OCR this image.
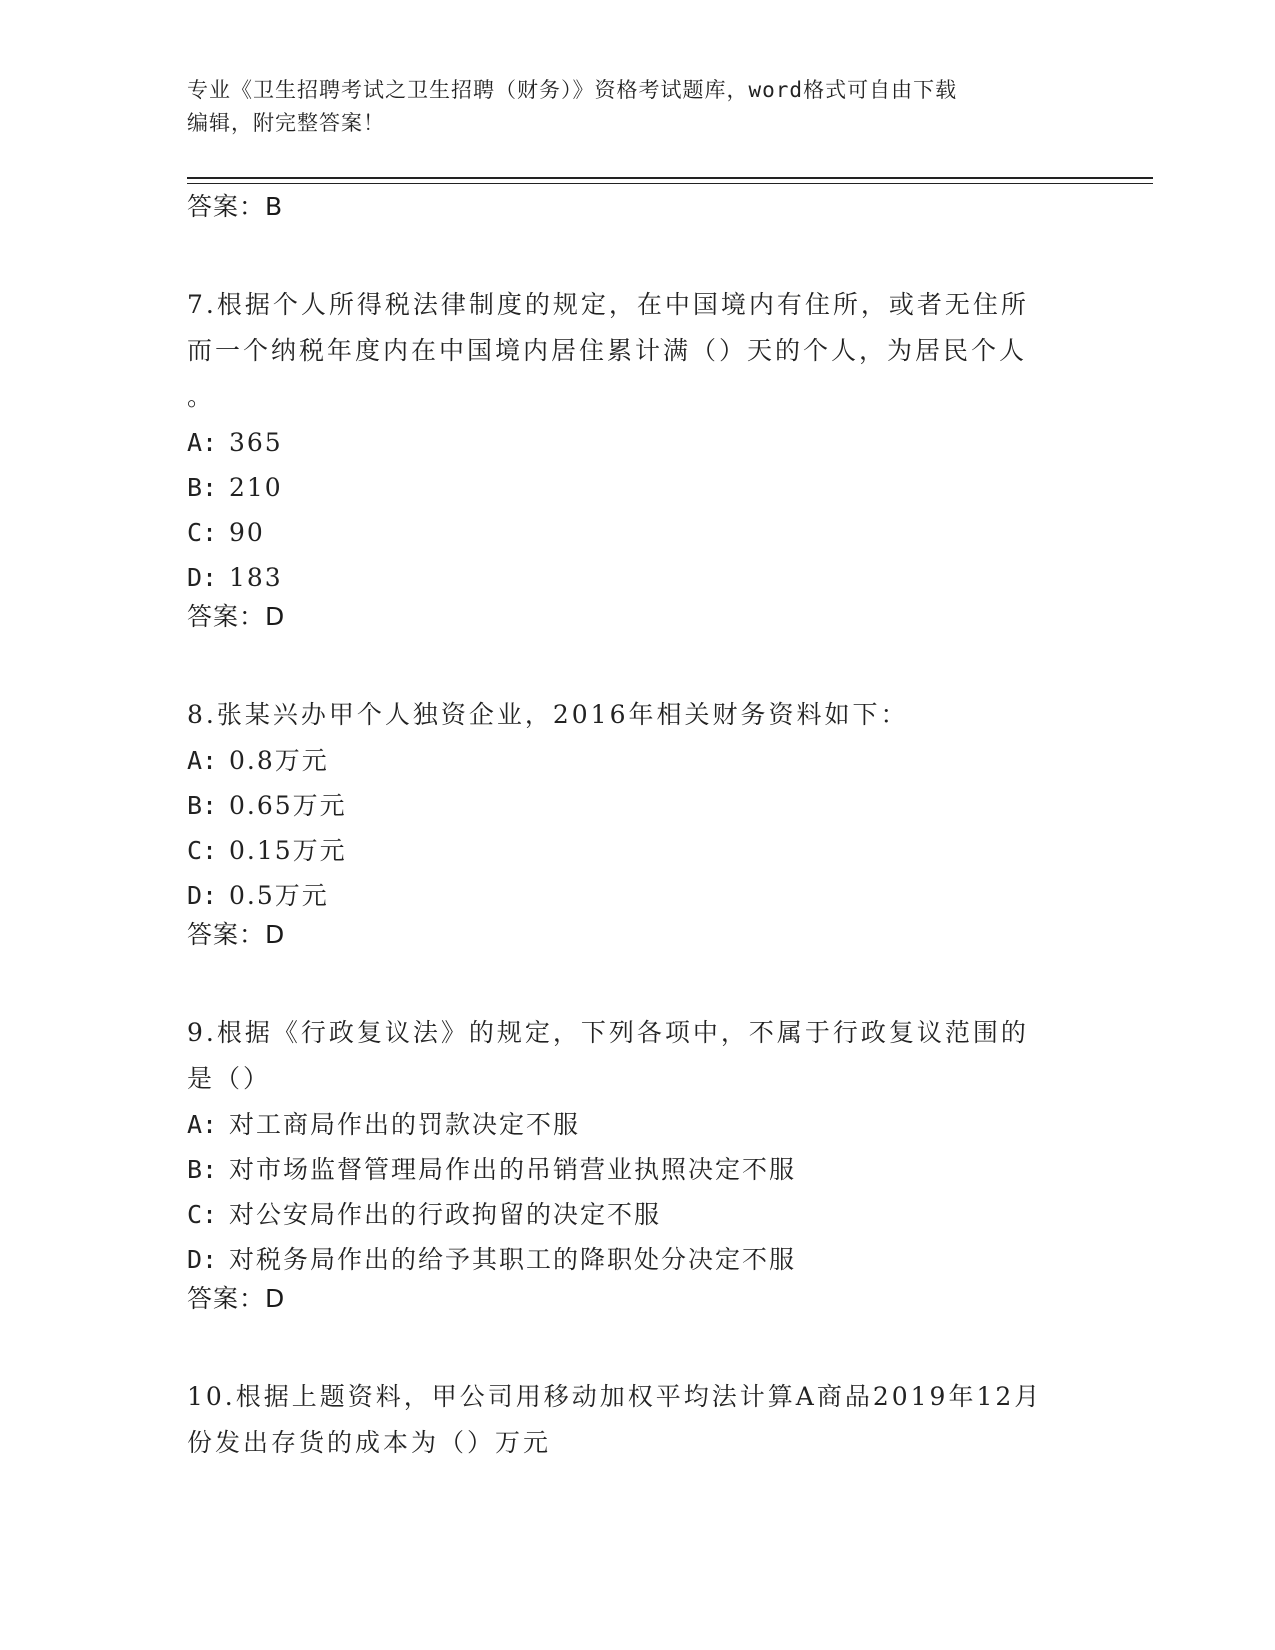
专业《卫生招聘考试之卫生招聘（财务）》资格考试题库，word格式可自由下载
编辑，附完整答案！
答案：B
7.根据个人所得税法律制度的规定，在中国境内有住所，或者无住所
而一个纳税年度内在中国境内居住累计满（）天的个人，为居民个人
。
A: 365
B: 210
C: 90
D: 183
答案：D
8.张某兴办甲个人独资企业，2016年相关财务资料如下：
A: 0.8万元
B: 0.65万元
C: 0.15万元
D: 0.5万元
答案：D
9.根据《行政复议法》的规定，下列各项中，不属于行政复议范围的
是（）
A: 对工商局作出的罚款决定不服
B: 对市场监督管理局作出的吊销营业执照决定不服
C: 对公安局作出的行政拘留的决定不服
D: 对税务局作出的给予其职工的降职处分决定不服
答案：D
10.根据上题资料，甲公司用移动加权平均法计算A商品2019年12月
份发出存货的成本为（）万元
